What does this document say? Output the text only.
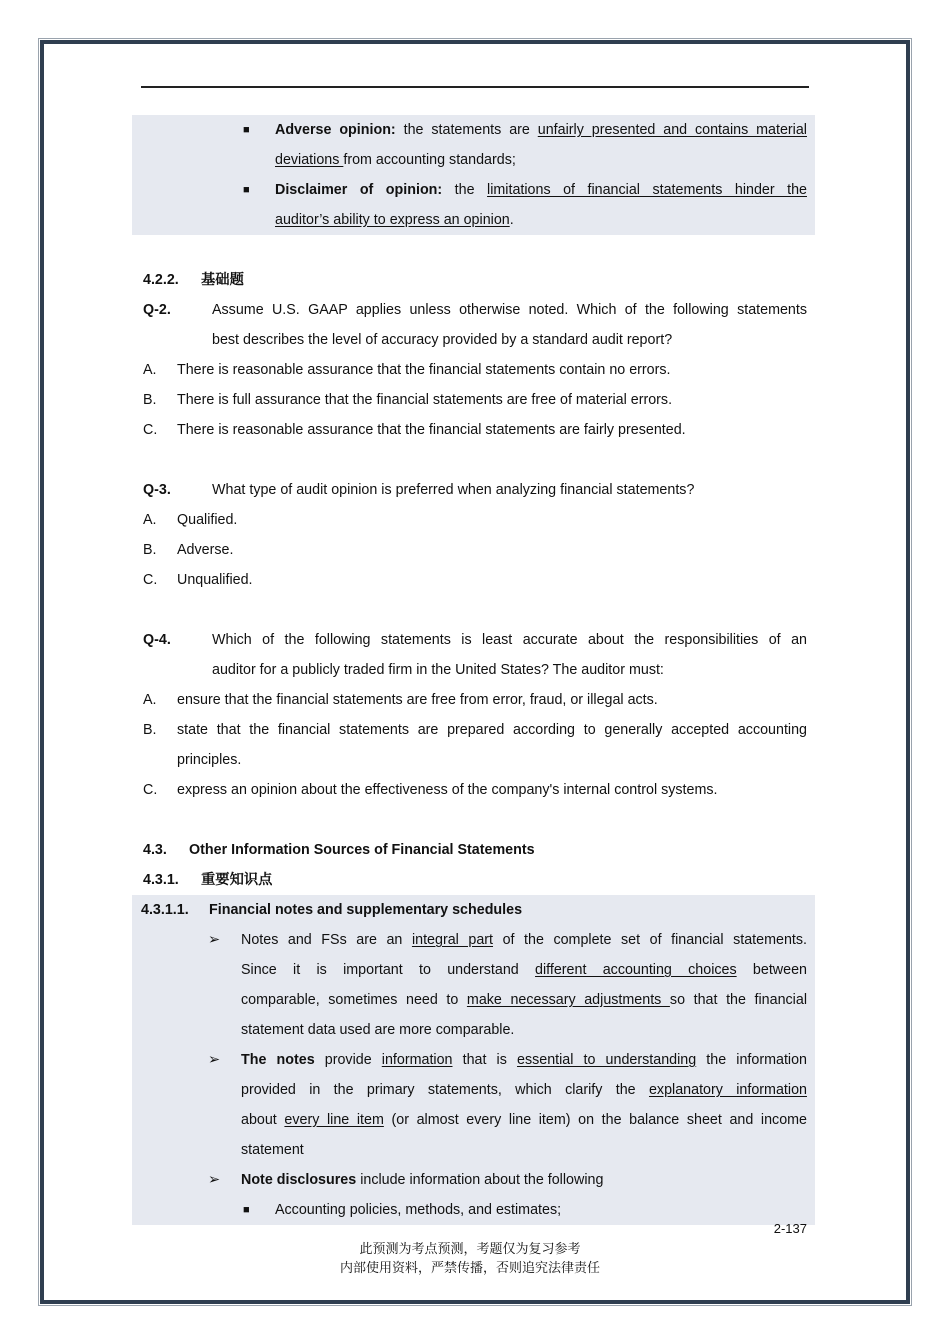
■ Adverse opinion: the statements are unfairly presented and contains material
deviations from accounting standards;
■ Disclaimer of opinion: the limitations of financial statements hinder the
auditor’s ability to express an opinion.
4.2.2. 基础题
Q-2.	Assume U.S. GAAP applies unless otherwise noted. Which of the following statements
best describes the level of accuracy provided by a standard audit report?
A. There is reasonable assurance that the financial statements contain no errors.
B. There is full assurance that the financial statements are free of material errors.
C. There is reasonable assurance that the financial statements are fairly presented.
Q-3.	What type of audit opinion is preferred when analyzing financial statements?
A. Qualified.
B. Adverse.
C. Unqualified.
Q-4.	Which of the following statements is least accurate about the responsibilities of an
auditor for a publicly traded firm in the United States? The auditor must:
A. ensure that the financial statements are free from error, fraud, or illegal acts.
B. state that the financial statements are prepared according to generally accepted accounting
principles.
C. express an opinion about the effectiveness of the company's internal control systems.
4.3. Other Information Sources of Financial Statements
4.3.1. 重要知识点
4.3.1.1. Financial notes and supplementary schedules
➢ Notes and FSs are an integral part of the complete set of financial statements.
Since it is important to understand different accounting choices between
comparable, sometimes need to make necessary adjustments so that the financial
statement data used are more comparable.
➢ The notes provide information that is essential to understanding the information
provided in the primary statements, which clarify the explanatory information
about every line item (or almost every line item) on the balance sheet and income
statement
➢ Note disclosures include information about the following
■ Accounting policies, methods, and estimates;
2-137
此预测为考点预测，考题仅为复习参考
内部使用资料，严禁传播，否则追究法律责任
